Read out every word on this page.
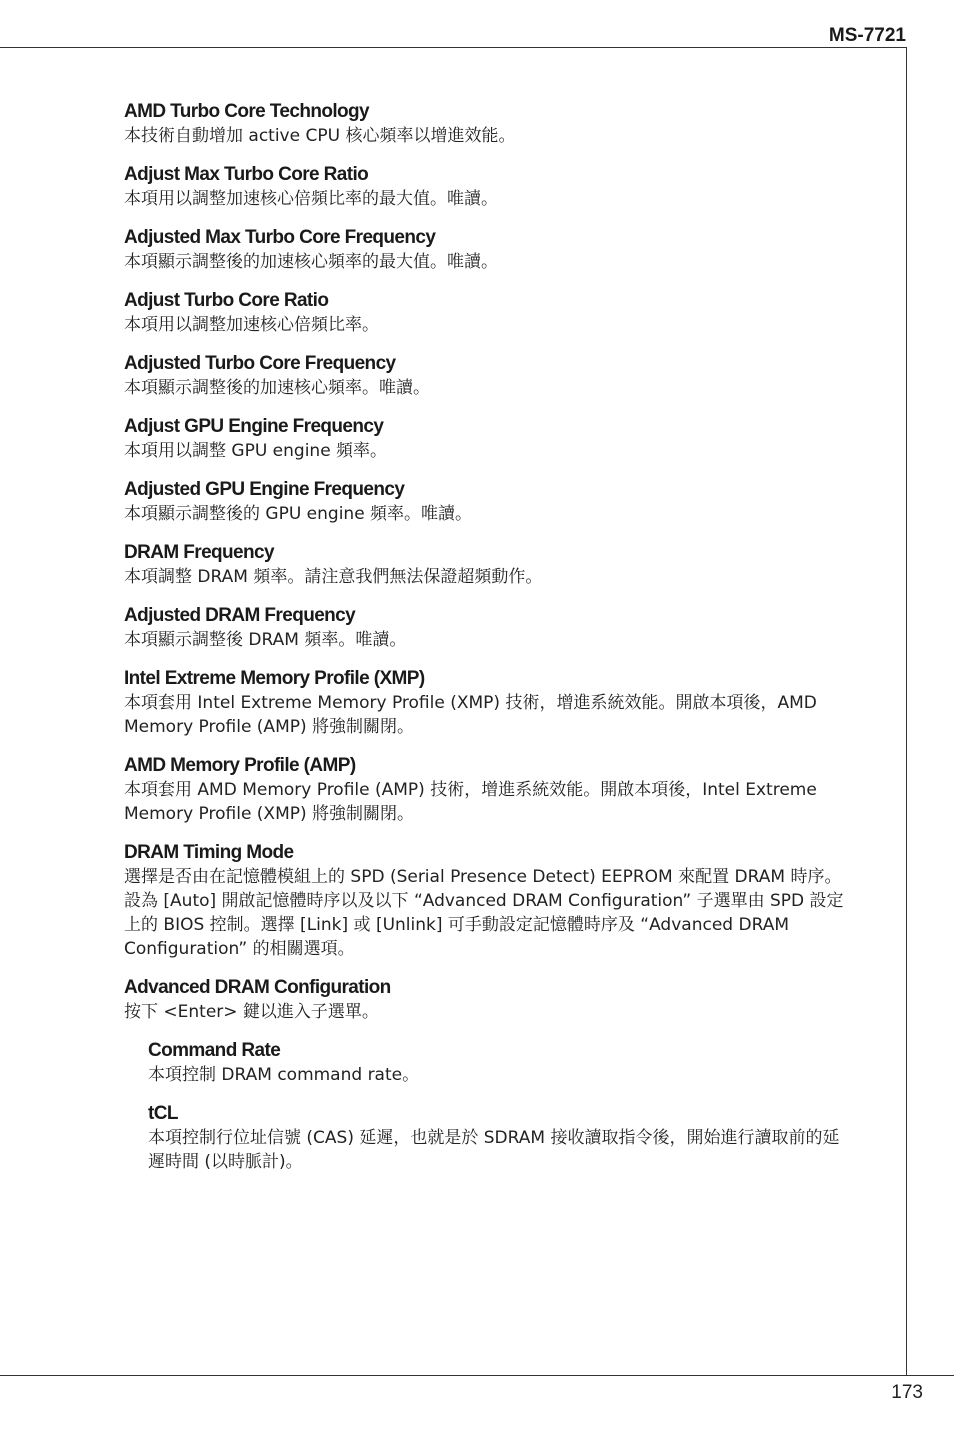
MS-7721
AMD Turbo Core Technology
本技術自動增加 active CPU 核心頻率以增進效能。
Adjust Max Turbo Core Ratio
本項用以調整加速核心倍頻比率的最大值。唯讀。
Adjusted Max Turbo Core Frequency
本項顯示調整後的加速核心頻率的最大值。唯讀。
Adjust Turbo Core Ratio
本項用以調整加速核心倍頻比率。
Adjusted Turbo Core Frequency
本項顯示調整後的加速核心頻率。唯讀。
Adjust GPU Engine Frequency
本項用以調整 GPU engine 頻率。
Adjusted GPU Engine Frequency
本項顯示調整後的 GPU engine 頻率。唯讀。
DRAM Frequency
本項調整 DRAM 頻率。請注意我們無法保證超頻動作。
Adjusted DRAM Frequency
本項顯示調整後 DRAM 頻率。唯讀。
Intel Extreme Memory Profile (XMP)
本項套用 Intel Extreme Memory Profile (XMP) 技術，增進系統效能。開啟本項後，AMD Memory Profile (AMP) 將強制關閉。
AMD Memory Profile (AMP)
本項套用 AMD Memory Profile (AMP) 技術，增進系統效能。開啟本項後，Intel Extreme Memory Profile (XMP) 將強制關閉。
DRAM Timing Mode
選擇是否由在記憶體模組上的 SPD (Serial Presence Detect) EEPROM 來配置 DRAM 時序。設為 [Auto] 開啟記憶體時序以及以下 “Advanced DRAM Configuration” 子選單由 SPD 設定上的 BIOS 控制。選擇 [Link] 或 [Unlink] 可手動設定記憶體時序及 “Advanced DRAM Configuration” 的相關選項。
Advanced DRAM Configuration
按下 <Enter> 鍵以進入子選單。
Command Rate
本項控制 DRAM command rate。
tCL
本項控制行位址信號 (CAS) 延遲，也就是於 SDRAM 接收讀取指令後，開始進行讀取前的延遲時間 (以時脈計)。
173
